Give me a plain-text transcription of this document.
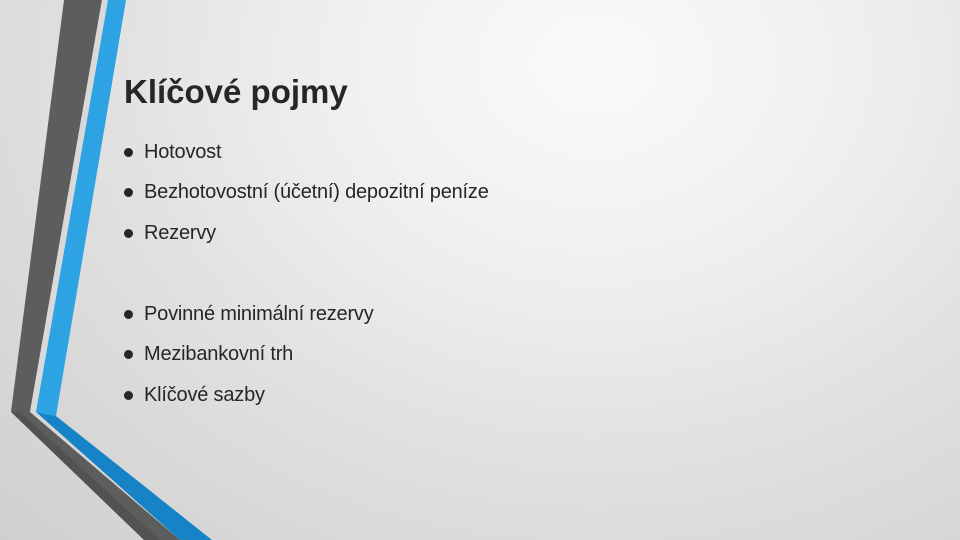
Klíčové pojmy
Hotovost
Bezhotovostní (účetní) depozitní peníze
Rezervy
Povinné minimální rezervy
Mezibankovní trh
Klíčové sazby
